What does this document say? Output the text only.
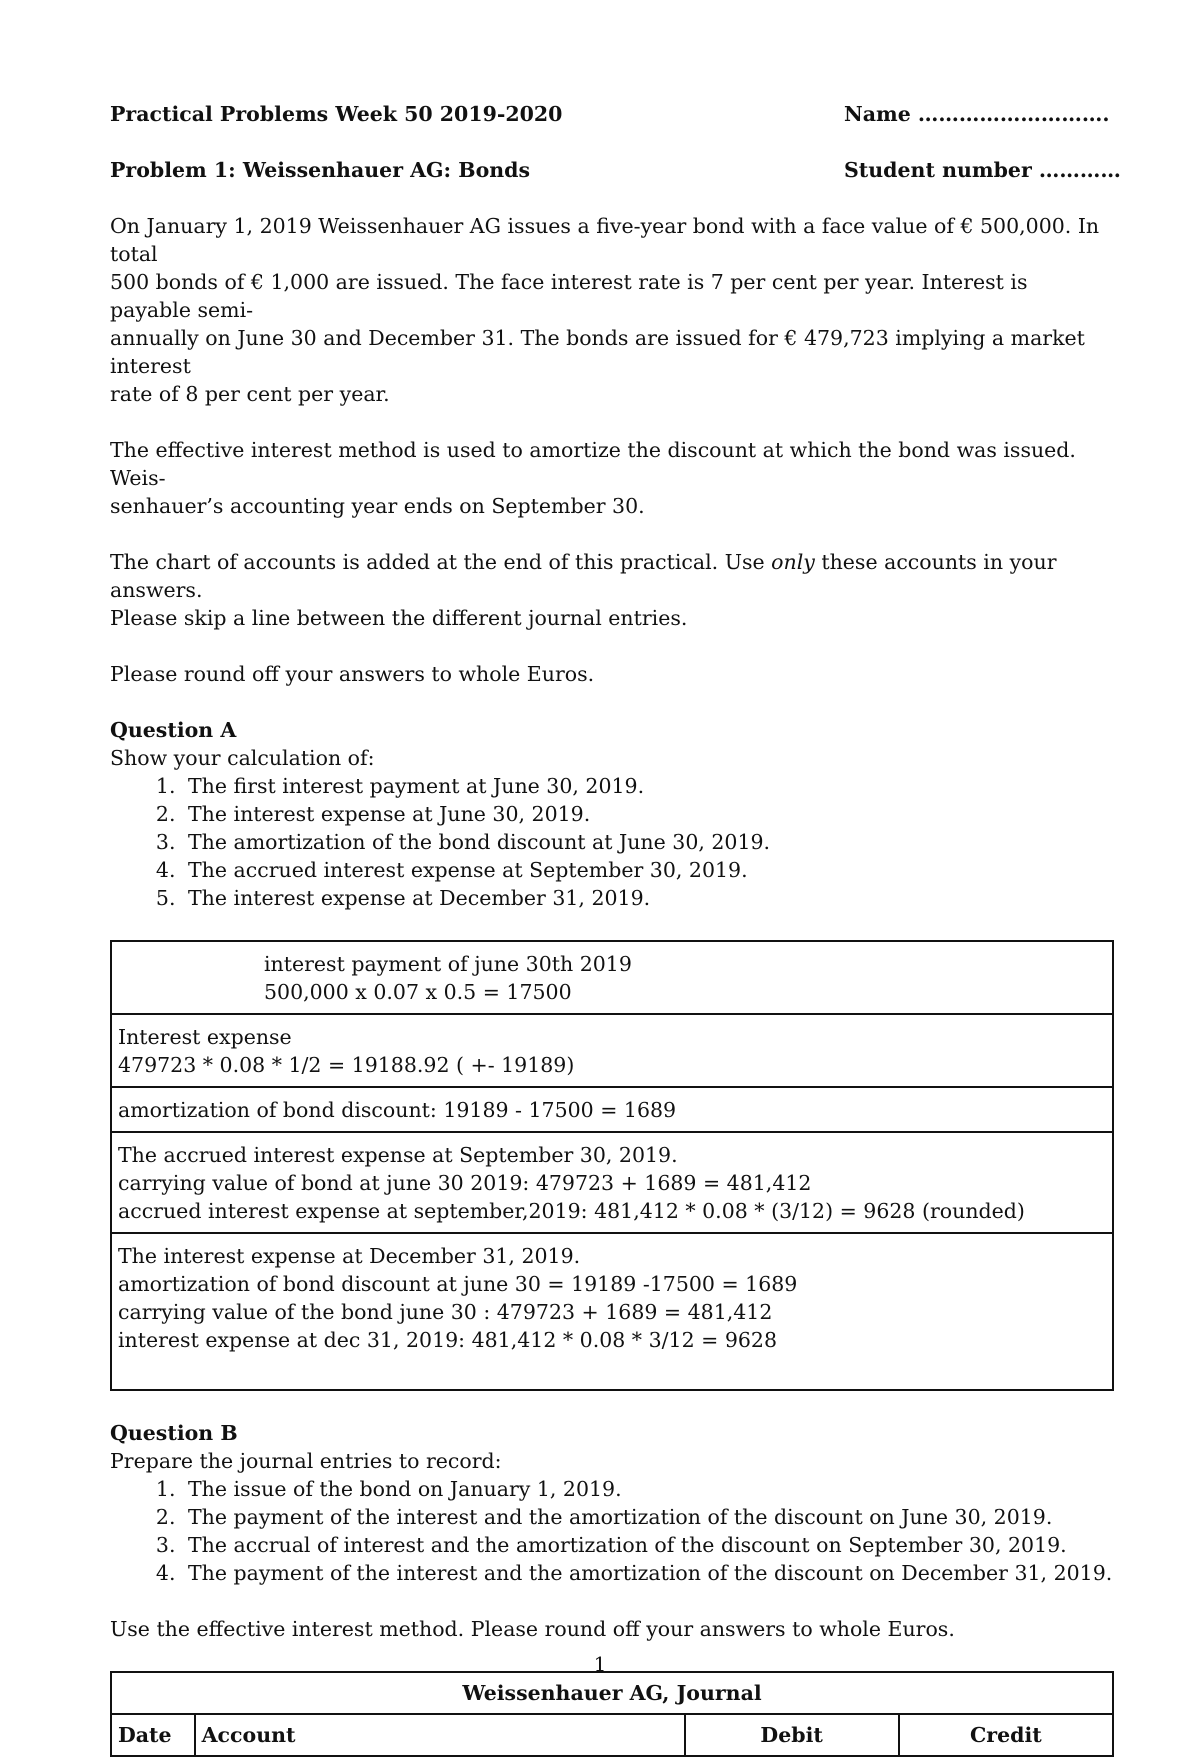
Practical Problems Week 50 2019-2020	Name ……………………….
Problem 1: Weissenhauer AG: Bonds	Student number …………

On January 1, 2019 Weissenhauer AG issues a five-year bond with a face value of € 500,000. In total
500 bonds of € 1,000 are issued. The face interest rate is 7 per cent per year. Interest is payable semi-
annually on June 30 and December 31. The bonds are issued for € 479,723 implying a market interest
rate of 8 per cent per year.

The effective interest method is used to amortize the discount at which the bond was issued. Weis-
senhauer’s accounting year ends on September 30.

The chart of accounts is added at the end of this practical. Use only these accounts in your answers.
Please skip a line between the different journal entries.

Please round off your answers to whole Euros.

Question A
Show your calculation of:
1. The first interest payment at June 30, 2019.
2. The interest expense at June 30, 2019.
3. The amortization of the bond discount at June 30, 2019.
4. The accrued interest expense at September 30, 2019.
5. The interest expense at December 31, 2019.
interest payment of june 30th 2019
500,000 x 0.07 x 0.5 = 17500
Interest expense
479723 * 0.08 * 1/2 = 19188.92 ( +- 19189)
amortization of bond discount: 19189 - 17500 = 1689
The accrued interest expense at September 30, 2019.
carrying value of bond at june 30 2019: 479723 + 1689 = 481,412
accrued interest expense at september,2019: 481,412 * 0.08 * (3/12) = 9628 (rounded)
The interest expense at December 31, 2019.
amortization of bond discount at june 30 = 19189 -17500 = 1689
carrying value of the bond june 30 : 479723 + 1689 = 481,412
interest expense at dec 31, 2019: 481,412 * 0.08 * 3/12 = 9628
Question B
Prepare the journal entries to record:
1. The issue of the bond on January 1, 2019.
2. The payment of the interest and the amortization of the discount on June 30, 2019.
3. The accrual of interest and the amortization of the discount on September 30, 2019.
4. The payment of the interest and the amortization of the discount on December 31, 2019.

Use the effective interest method. Please round off your answers to whole Euros.

Weissenhauer AG, Journal
Date	Account	Debit	Credit
1
